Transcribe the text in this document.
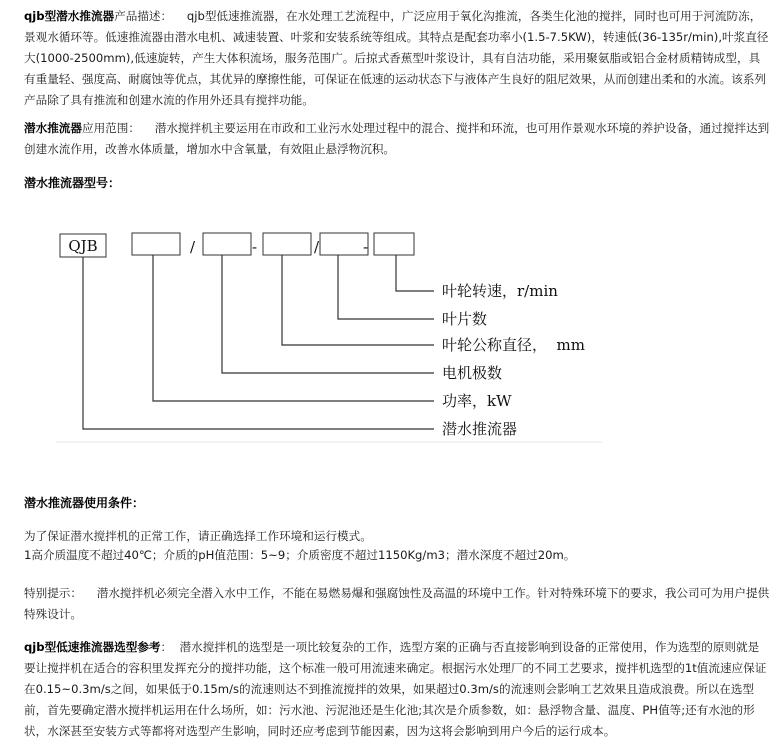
qjb型潜水推流器产品描述： qjb型低速推流器，在水处理工艺流程中，广泛应用于氧化沟推流，各类生化池的搅拌，同时也可用于河流防冻，景观水循环等。低速推流器由潜水电机、减速装置、叶浆和安装系统等组成。其特点是配套功率小(1.5-7.5KW)，转速低(36-135r/min),叶浆直径大(1000-2500mm),低速旋转，产生大体积流场，服务范围广。后掠式香蕉型叶浆设计，具有自洁功能，采用聚氨脂或铝合金材质精铸成型，具有重量轻、强度高、耐腐蚀等优点，其优异的摩擦性能，可保证在低速的运动状态下与液体产生良好的阻尼效果，从而创建出柔和的水流。该系列产品除了具有推流和创建水流的作用外还具有搅拌功能。
潜水推流器应用范围： 潜水搅拌机主要运用在市政和工业污水处理过程中的混合、搅拌和环流，也可用作景观水环境的养护设备，通过搅拌达到创建水流作用，改善水体质量，增加水中含氧量，有效阻止悬浮物沉积。
潜水推流器型号：
QJB	/	-	/	-
叶轮转速，r/min
叶片数
叶轮公称直径，  mm
电机极数
功率，kW
潜水推流器
潜水推流器使用条件：
为了保证潜水搅拌机的正常工作，请正确选择工作环境和运行模式。
1高介质温度不超过40℃；介质的pH值范围：5~9；介质密度不超过1150Kg/m3；潜水深度不超过20m。
特别提示： 潜水搅拌机必须完全潜入水中工作，不能在易燃易爆和强腐蚀性及高温的环境中工作。针对特殊环境下的要求，我公司可为用户提供特殊设计。
qjb型低速推流器选型参考： 潜水搅拌机的选型是一项比较复杂的工作，选型方案的正确与否直接影响到设备的正常使用，作为选型的原则就是要让搅拌机在适合的容积里发挥充分的搅拌功能，这个标准一般可用流速来确定。根据污水处理厂的不同工艺要求，搅拌机选型的1t值流速应保证在0.15~0.3m/s之间，如果低于0.15m/s的流速则达不到推流搅拌的效果，如果超过0.3m/s的流速则会影响工艺效果且造成浪费。所以在选型前，首先要确定潜水搅拌机运用在什么场所，如：污水池、污泥池还是生化池;其次是介质参数，如：悬浮物含量、温度、PH值等;还有水池的形状，水深甚至安装方式等都将对选型产生影响，同时还应考虑到节能因素，因为这将会影响到用户今后的运行成本。
